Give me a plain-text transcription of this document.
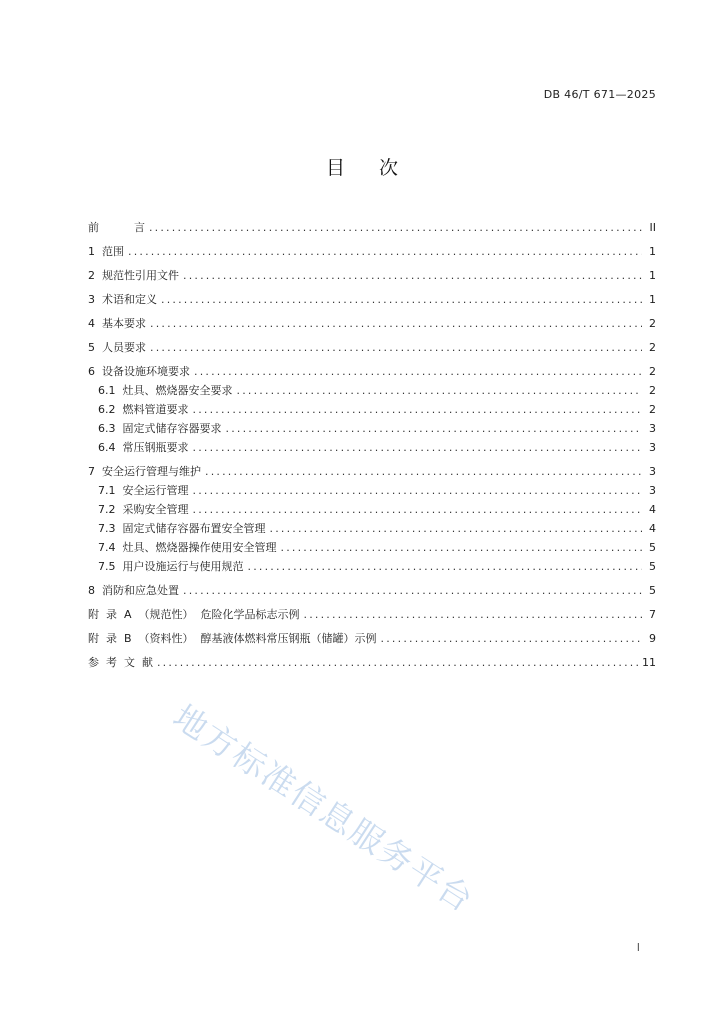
DB 46/T 671—2025
目 次
前          言 .....	II
1  范围 .....	1
2  规范性引用文件 .....	1
3  术语和定义 .....	1
4  基本要求 .....	2
5  人员要求 .....	2
6  设备设施环境要求 .....	2
6.1  灶具、燃烧器安全要求 .....	2
6.2  燃料管道要求 .....	2
6.3  固定式储存容器要求 .....	3
6.4  常压钢瓶要求 .....	3
7  安全运行管理与维护 .....	3
7.1  安全运行管理 .....	3
7.2  采购安全管理 .....	4
7.3  固定式储存容器布置安全管理 .....	4
7.4  灶具、燃烧器操作使用安全管理 .....	5
7.5  用户设施运行与使用规范 .....	5
8  消防和应急处置 .....	5
附  录  A  （规范性）  危险化学品标志示例 .....	7
附  录  B  （资料性）  醇基液体燃料常压钢瓶（储罐）示例 .....	9
参  考  文  献 .....	11
地方标准信息服务平台
I
